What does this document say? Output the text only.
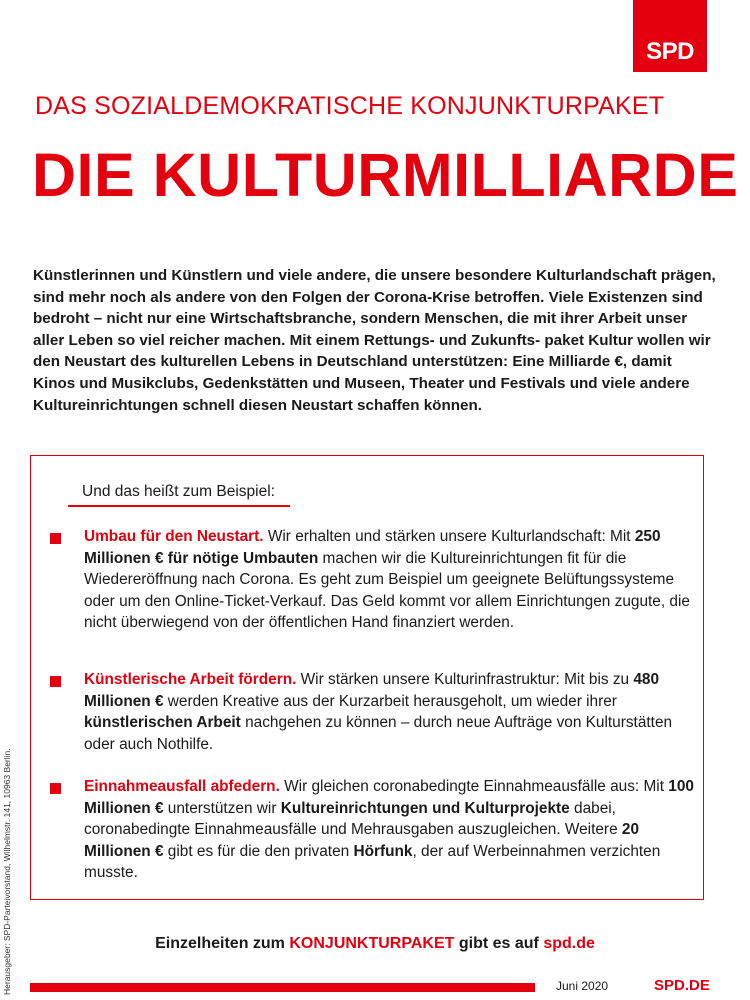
SPD
DAS SOZIALDEMOKRATISCHE KONJUNKTURPAKET
DIE KULTURMILLIARDE
Künstlerinnen und Künstlern und viele andere, die unsere besondere Kulturlandschaft prägen, sind mehr noch als andere von den Folgen der Corona-Krise betroffen. Viele Existenzen sind bedroht – nicht nur eine Wirtschaftsbranche, sondern Menschen, die mit ihrer Arbeit unser aller Leben so viel reicher machen. Mit einem Rettungs- und Zukunfts- paket Kultur wollen wir den Neustart des kulturellen Lebens in Deutschland unterstützen: Eine Milliarde €, damit Kinos und Musikclubs, Gedenkstätten und Museen, Theater und Festivals und viele andere Kultureinrichtungen schnell diesen Neustart schaffen können.
Und das heißt zum Beispiel:
Umbau für den Neustart. Wir erhalten und stärken unsere Kulturlandschaft: Mit 250 Millionen € für nötige Umbauten machen wir die Kultureinrichtungen fit für die Wiedereröffnung nach Corona. Es geht zum Beispiel um geeignete Belüftungssysteme oder um den Online-Ticket-Verkauf. Das Geld kommt vor allem Einrichtungen zugute, die nicht überwiegend von der öffentlichen Hand finanziert werden.
Künstlerische Arbeit fördern. Wir stärken unsere Kulturinfrastruktur: Mit bis zu 480 Millionen € werden Kreative aus der Kurzarbeit herausgeholt, um wieder ihrer künstlerischen Arbeit nachgehen zu können – durch neue Aufträge von Kulturstätten oder auch Nothilfe.
Einnahmeausfall abfedern. Wir gleichen coronabedingte Einnahmeausfälle aus: Mit 100 Millionen € unterstützen wir Kultureinrichtungen und Kulturprojekte dabei, coronabedingte Einnahmeausfälle und Mehrausgaben auszugleichen. Weitere 20 Millionen € gibt es für die den privaten Hörfunk, der auf Werbeinnahmen verzichten musste.
Einzelheiten zum KONJUNKTURPAKET gibt es auf spd.de
Juni 2020	SPD.DE
Herausgeber: SPD-Parteivorstand, Wilhelmstr. 141, 10963 Berlin.
